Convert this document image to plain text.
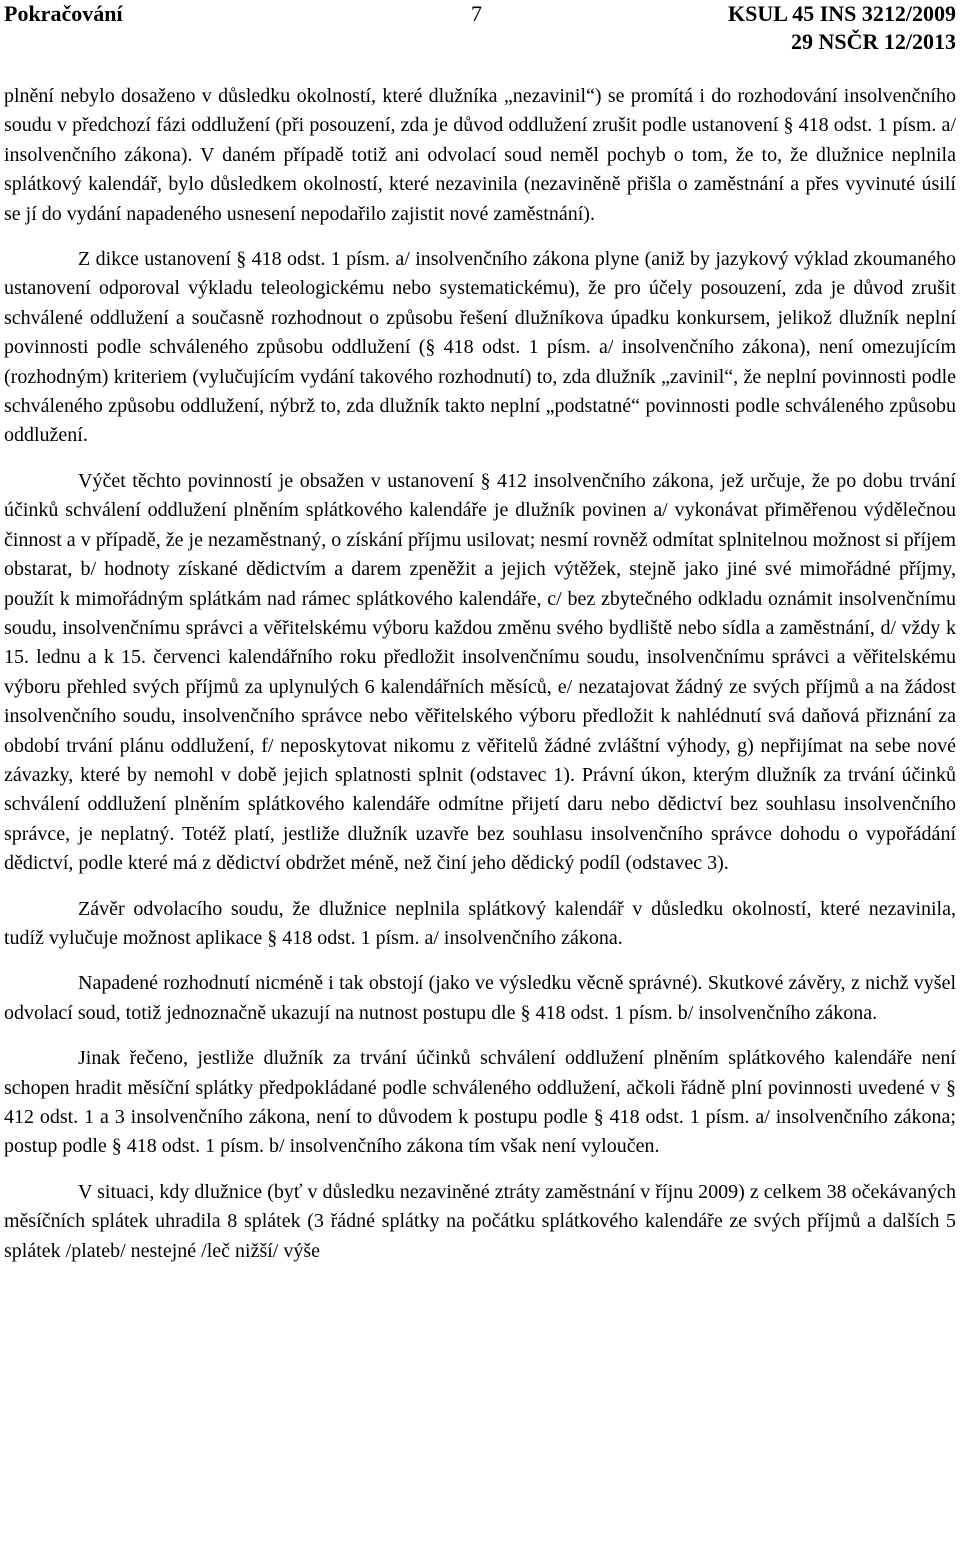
Pokračování	7	KSUL 45 INS 3212/2009
29 NSČR 12/2013

plnění nebylo dosaženo v důsledku okolností, které dlužníka „nezavinil“) se promítá i do rozhodování insolvenčního soudu v předchozí fázi oddlužení (při posouzení, zda je důvod oddlužení zrušit podle ustanovení § 418 odst. 1 písm. a/ insolvenčního zákona). V daném případě totiž ani odvolací soud neměl pochyb o tom, že to, že dlužnice neplnila splátkový kalendář, bylo důsledkem okolností, které nezavinila (nezaviněně přišla o zaměstnání a přes vyvinuté úsilí se jí do vydání napadeného usnesení nepodařilo zajistit nové zaměstnání).

Z dikce ustanovení § 418 odst. 1 písm. a/ insolvenčního zákona plyne (aniž by jazykový výklad zkoumaného ustanovení odporoval výkladu teleologickému nebo systematickému), že pro účely posouzení, zda je důvod zrušit schválené oddlužení a současně rozhodnout o způsobu řešení dlužníkova úpadku konkursem, jelikož dlužník neplní povinnosti podle schváleného způsobu oddlužení (§ 418 odst. 1 písm. a/ insolvenčního zákona), není omezujícím (rozhodným) kriteriem (vylučujícím vydání takového rozhodnutí) to, zda dlužník „zavinil“, že neplní povinnosti podle schváleného způsobu oddlužení, nýbrž to, zda dlužník takto neplní „podstatné“ povinnosti podle schváleného způsobu oddlužení.

Výčet těchto povinností je obsažen v ustanovení § 412 insolvenčního zákona, jež určuje, že po dobu trvání účinků schválení oddlužení plněním splátkového kalendáře je dlužník povinen a/ vykonávat přiměřenou výdělečnou činnost a v případě, že je nezaměstnaný, o získání příjmu usilovat; nesmí rovněž odmítat splnitelnou možnost si příjem obstarat, b/ hodnoty získané dědictvím a darem zpeněžit a jejich výtěžek, stejně jako jiné své mimořádné příjmy, použít k mimořádným splátkám nad rámec splátkového kalendáře, c/ bez zbytečného odkladu oznámit insolvenčnímu soudu, insolvenčnímu správci a věřitelskému výboru každou změnu svého bydliště nebo sídla a zaměstnání, d/ vždy k 15. lednu a k 15. červenci kalendářního roku předložit insolvenčnímu soudu, insolvenčnímu správci a věřitelskému výboru přehled svých příjmů za uplynulých 6 kalendářních měsíců, e/ nezatajovat žádný ze svých příjmů a na žádost insolvenčního soudu, insolvenčního správce nebo věřitelského výboru předložit k nahlédnutí svá daňová přiznání za období trvání plánu oddlužení, f/ neposkytovat nikomu z věřitelů žádné zvláštní výhody, g) nepřijímat na sebe nové závazky, které by nemohl v době jejich splatnosti splnit (odstavec 1). Právní úkon, kterým dlužník za trvání účinků schválení oddlužení plněním splátkového kalendáře odmítne přijetí daru nebo dědictví bez souhlasu insolvenčního správce, je neplatný. Totéž platí, jestliže dlužník uzavře bez souhlasu insolvenčního správce dohodu o vypořádání dědictví, podle které má z dědictví obdržet méně, než činí jeho dědický podíl (odstavec 3).

Závěr odvolacího soudu, že dlužnice neplnila splátkový kalendář v důsledku okolností, které nezavinila, tudíž vylučuje možnost aplikace § 418 odst. 1 písm. a/ insolvenčního zákona.

Napadené rozhodnutí nicméně i tak obstojí (jako ve výsledku věcně správné). Skutkové závěry, z nichž vyšel odvolací soud, totiž jednoznačně ukazují na nutnost postupu dle § 418 odst. 1 písm. b/ insolvenčního zákona.

Jinak řečeno, jestliže dlužník za trvání účinků schválení oddlužení plněním splátkového kalendáře není schopen hradit měsíční splátky předpokládané podle schváleného oddlužení, ačkoli řádně plní povinnosti uvedené v § 412 odst. 1 a 3 insolvenčního zákona, není to důvodem k postupu podle § 418 odst. 1 písm. a/ insolvenčního zákona; postup podle § 418 odst. 1 písm. b/ insolvenčního zákona tím však není vyloučen.

V situaci, kdy dlužnice (byť v důsledku nezaviněné ztráty zaměstnání v říjnu 2009) z celkem 38 očekávaných měsíčních splátek uhradila 8 splátek (3 řádné splátky na počátku splátkového kalendáře ze svých příjmů a dalších 5 splátek /plateb/ nestejné /leč nižší/ výše
